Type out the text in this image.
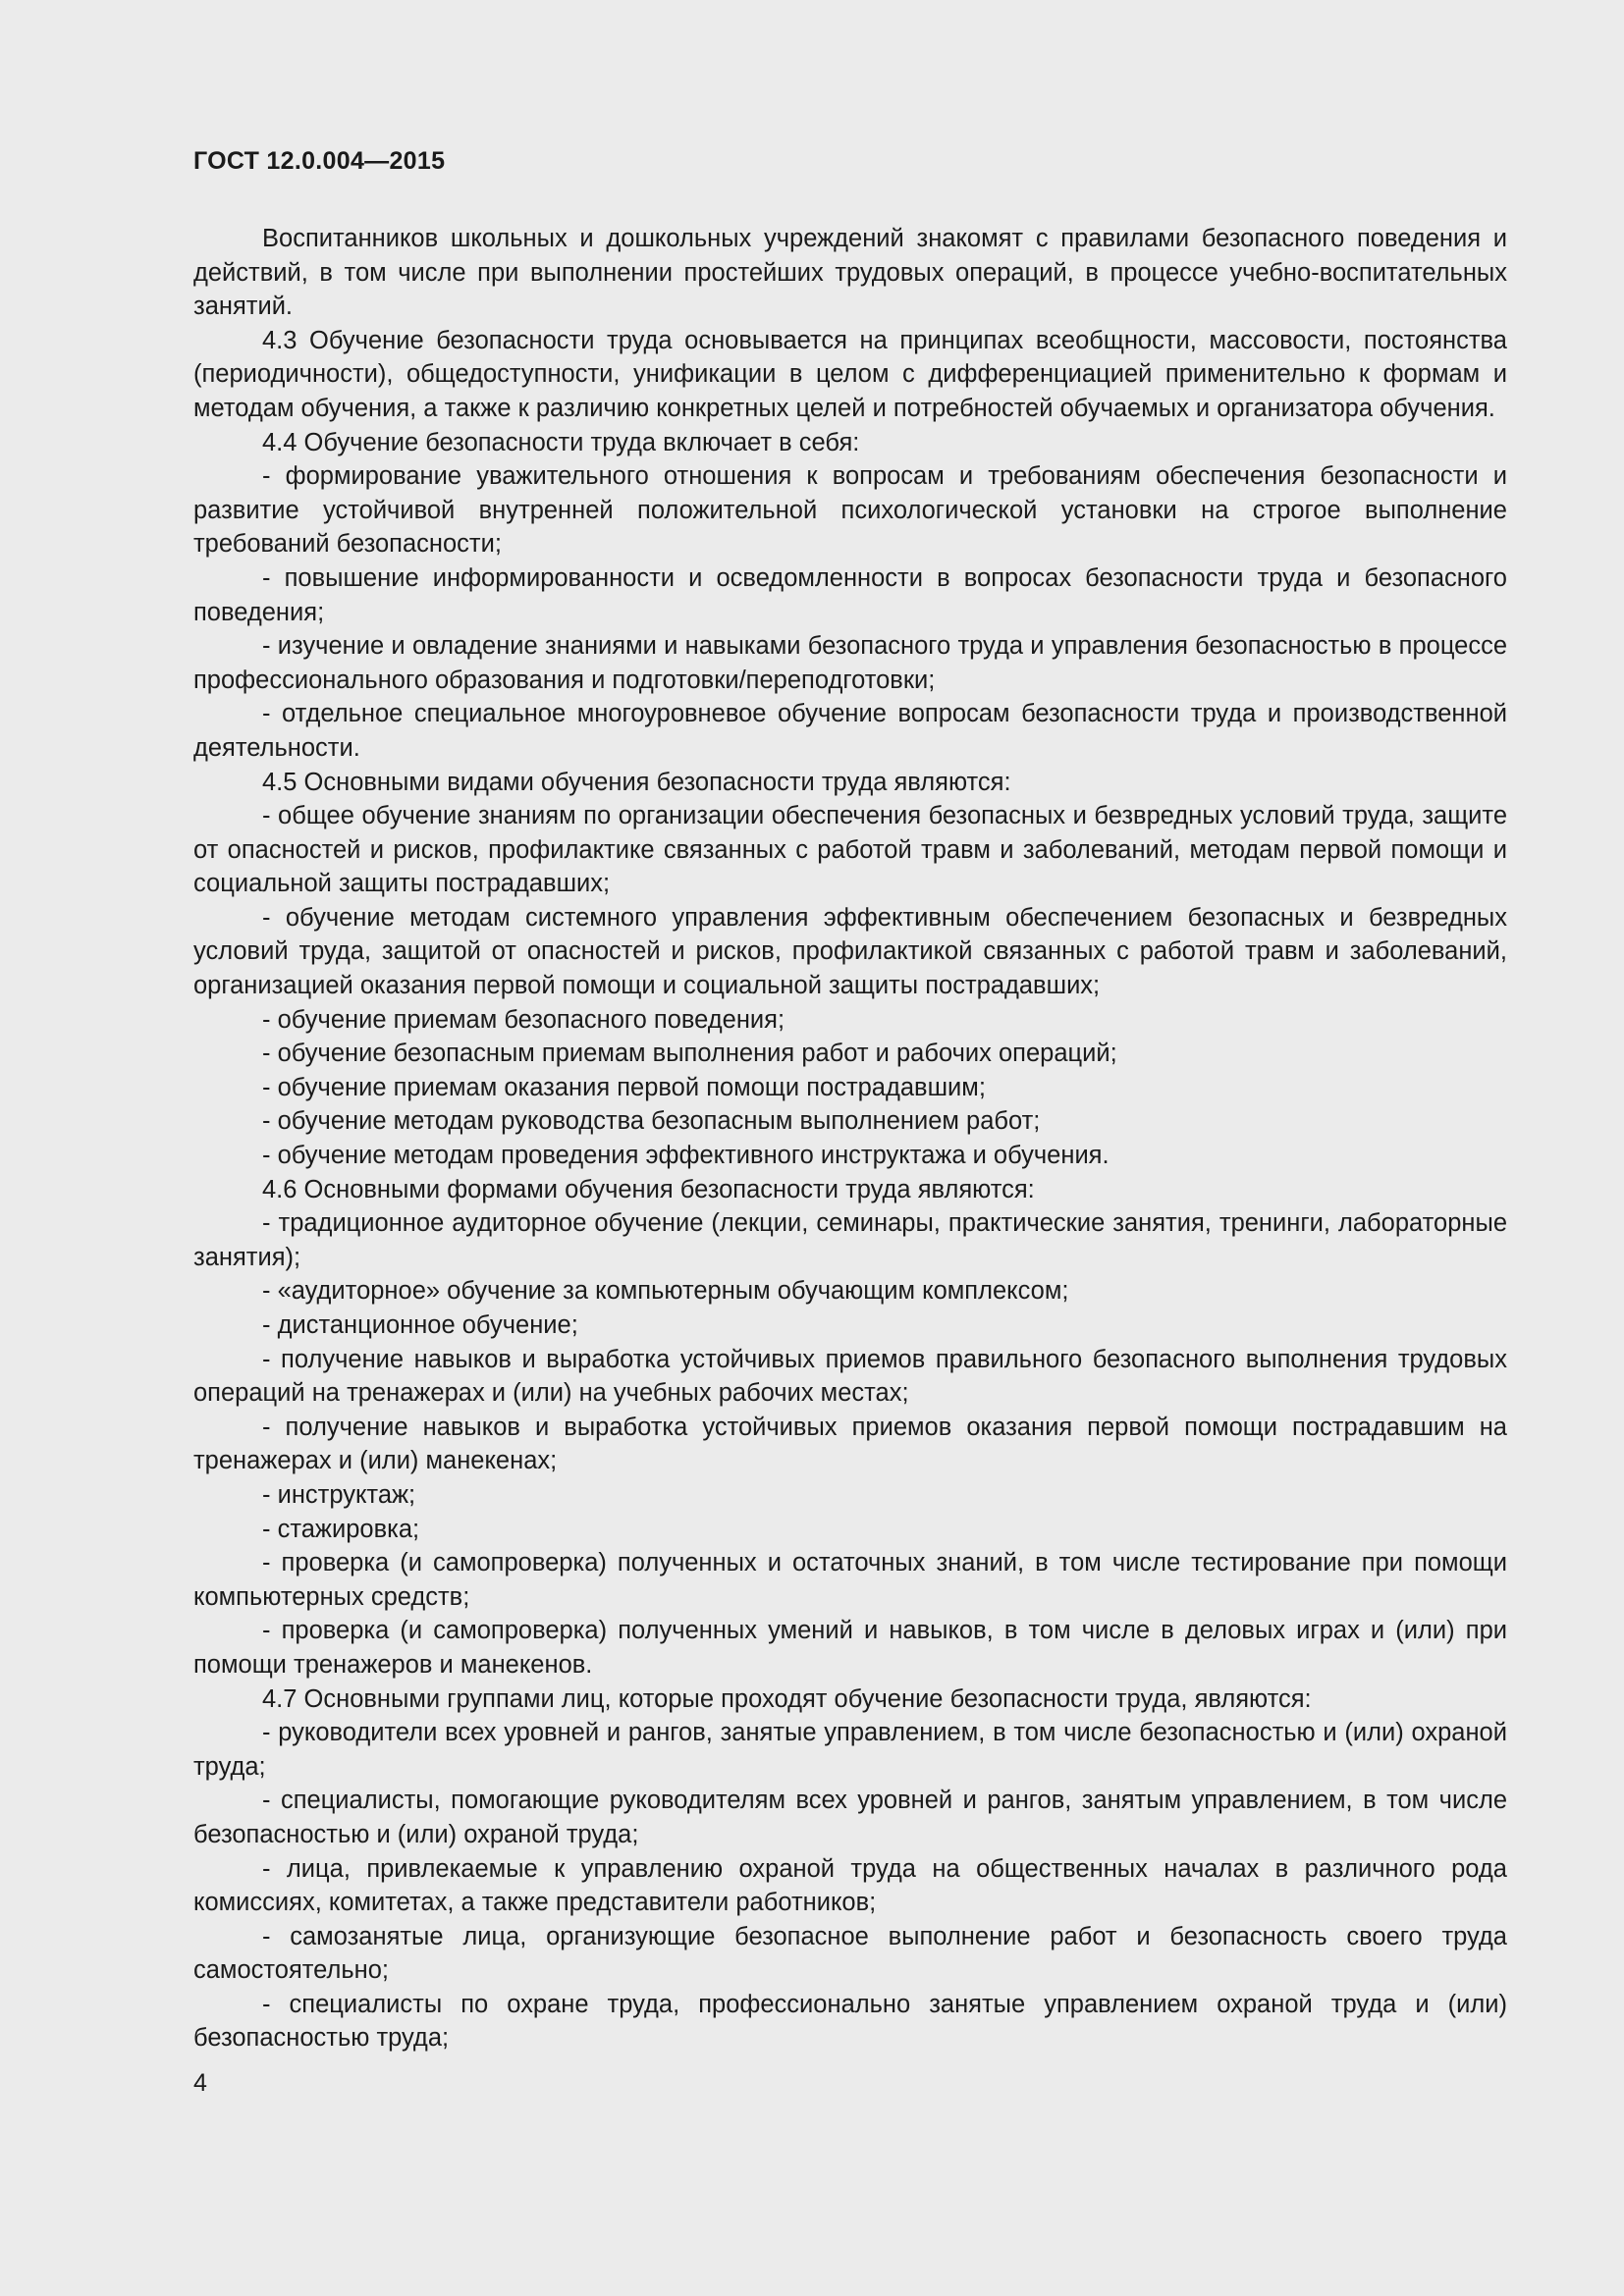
ГОСТ 12.0.004—2015

Воспитанников школьных и дошкольных учреждений знакомят с правилами безопасного поведения и действий, в том числе при выполнении простейших трудовых операций, в процессе учебно-воспитательных занятий.

4.3 Обучение безопасности труда основывается на принципах всеобщности, массовости, постоянства (периодичности), общедоступности, унификации в целом с дифференциацией применительно к формам и методам обучения, а также к различию конкретных целей и потребностей обучаемых и организатора обучения.

4.4 Обучение безопасности труда включает в себя:

- формирование уважительного отношения к вопросам и требованиям обеспечения безопасности и развитие устойчивой внутренней положительной психологической установки на строгое выполнение требований безопасности;

- повышение информированности и осведомленности в вопросах безопасности труда и безопасного поведения;

- изучение и овладение знаниями и навыками безопасного труда и управления безопасностью в процессе профессионального образования и подготовки/переподготовки;

- отдельное специальное многоуровневое обучение вопросам безопасности труда и производственной деятельности.

4.5 Основными видами обучения безопасности труда являются:

- общее обучение знаниям по организации обеспечения безопасных и безвредных условий труда, защите от опасностей и рисков, профилактике связанных с работой травм и заболеваний, методам первой помощи и социальной защиты пострадавших;

- обучение методам системного управления эффективным обеспечением безопасных и безвредных условий труда, защитой от опасностей и рисков, профилактикой связанных с работой травм и заболеваний, организацией оказания первой помощи и социальной защиты пострадавших;

- обучение приемам безопасного поведения;

- обучение безопасным приемам выполнения работ и рабочих операций;

- обучение приемам оказания первой помощи пострадавшим;

- обучение методам руководства безопасным выполнением работ;

- обучение методам проведения эффективного инструктажа и обучения.

4.6 Основными формами обучения безопасности труда являются:

- традиционное аудиторное обучение (лекции, семинары, практические занятия, тренинги, лабораторные занятия);

- «аудиторное» обучение за компьютерным обучающим комплексом;

- дистанционное обучение;

- получение навыков и выработка устойчивых приемов правильного безопасного выполнения трудовых операций на тренажерах и (или) на учебных рабочих местах;

- получение навыков и выработка устойчивых приемов оказания первой помощи пострадавшим на тренажерах и (или) манекенах;

- инструктаж;

- стажировка;

- проверка (и самопроверка) полученных и остаточных знаний, в том числе тестирование при помощи компьютерных средств;

- проверка (и самопроверка) полученных умений и навыков, в том числе в деловых играх и (или) при помощи тренажеров и манекенов.

4.7 Основными группами лиц, которые проходят обучение безопасности труда, являются:

- руководители всех уровней и рангов, занятые управлением, в том числе безопасностью и (или) охраной труда;

- специалисты, помогающие руководителям всех уровней и рангов, занятым управлением, в том числе безопасностью и (или) охраной труда;

- лица, привлекаемые к управлению охраной труда на общественных началах в различного рода комиссиях, комитетах, а также представители работников;

- самозанятые лица, организующие безопасное выполнение работ и безопасность своего труда самостоятельно;

- специалисты по охране труда, профессионально занятые управлением охраной труда и (или) безопасностью труда;

4
